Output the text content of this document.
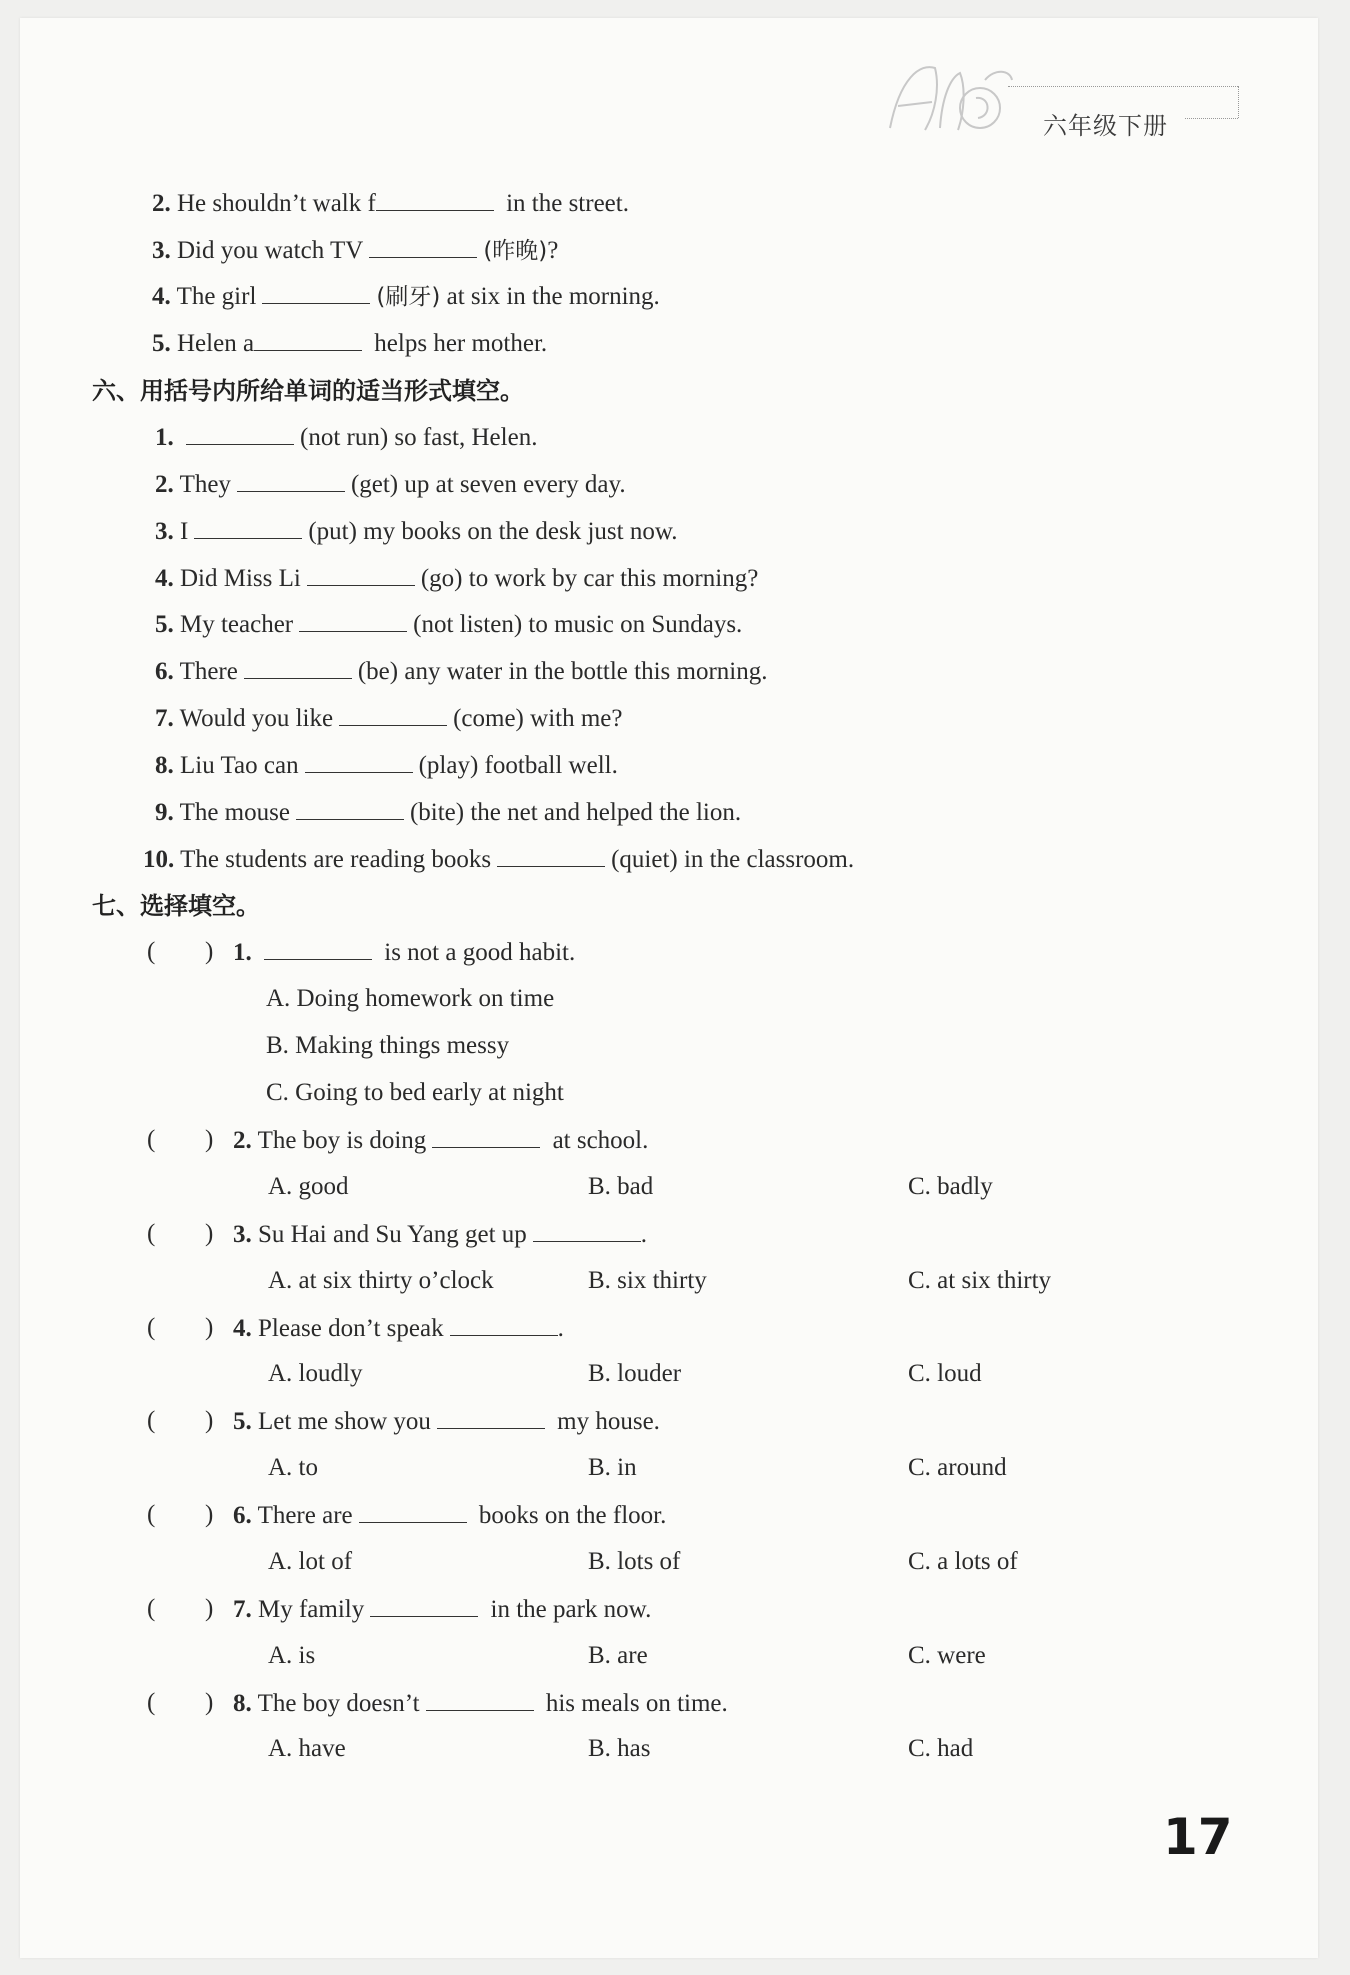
六年级下册
2. He shouldn’t walk f	in the street.
3. Did you watch TV	(昨晚)?
4. The girl	(刷牙) at six in the morning.
5. Helen a	helps her mother.
六、用括号内所给单词的适当形式填空。
1.	(not run) so fast, Helen.
2. They	(get) up at seven every day.
3. I	(put) my books on the desk just now.
4. Did Miss Li	(go) to work by car this morning?
5. My teacher	(not listen) to music on Sundays.
6. There	(be) any water in the bottle this morning.
7. Would you like	(come) with me?
8. Liu Tao can	(play) football well.
9. The mouse	(bite) the net and helped the lion.
10. The students are reading books	(quiet) in the classroom.
七、选择填空。
( ) 1.	is not a good habit.
A. Doing homework on time
B. Making things messy
C. Going to bed early at night
( ) 2. The boy is doing	at school.
A. good	B. bad	C. badly
( ) 3. Su Hai and Su Yang get up	.
A. at six thirty o’clock	B. six thirty	C. at six thirty
( ) 4. Please don’t speak	.
A. loudly	B. louder	C. loud
( ) 5. Let me show you	my house.
A. to	B. in	C. around
( ) 6. There are	books on the floor.
A. lot of	B. lots of	C. a lots of
( ) 7. My family	in the park now.
A. is	B. are	C. were
( ) 8. The boy doesn’t	his meals on time.
A. have	B. has	C. had
17
